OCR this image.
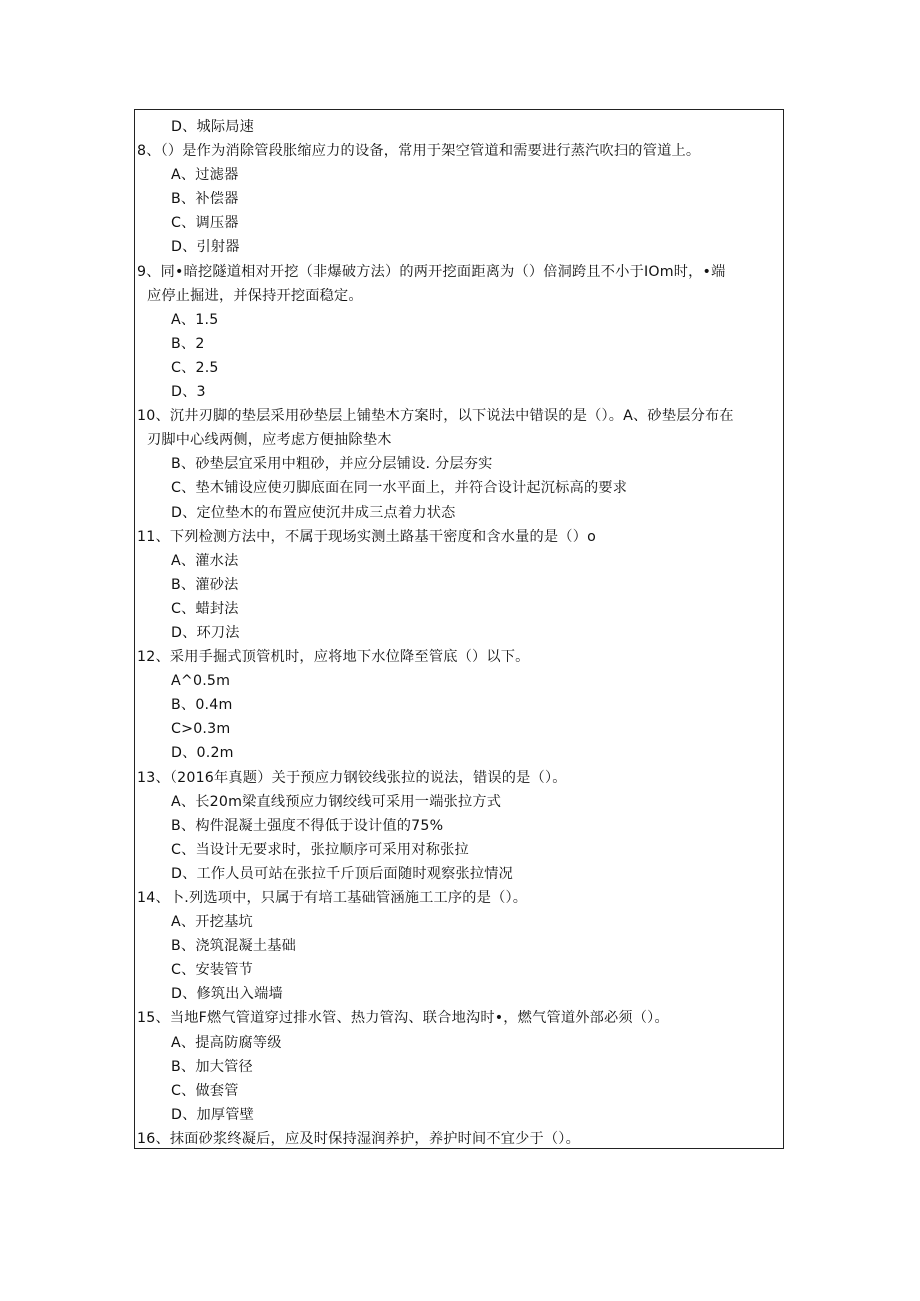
D、城际局速
8、（）是作为消除管段胀缩应力的设备，常用于架空管道和需要进行蒸汽吹扫的管道上。
A、过滤器
B、补偿器
C、调压器
D、引射器
9、同•暗挖隧道相对开挖（非爆破方法）的两开挖面距离为（）倍洞跨且不小于IOm时，•端
应停止掘进，并保持开挖面稳定。
A、1.5
B、2
C、2.5
D、3
10、沉井刃脚的垫层采用砂垫层上铺垫木方案时，以下说法中错误的是（）。A、砂垫层分布在
刃脚中心线两侧，应考虑方便抽除垫木
B、砂垫层宜采用中粗砂，并应分层铺设. 分层夯实
C、垫木铺设应使刃脚底面在同一水平面上，并符合设计起沉标高的要求
D、定位垫木的布置应使沉井成三点着力状态
11、下列检测方法中，不属于现场实测土路基干密度和含水量的是（）o
A、灌水法
B、灌砂法
C、蜡封法
D、环刀法
12、采用手掘式顶管机时，应将地下水位降至管底（）以下。
A^0.5m
B、0.4m
C>0.3m
D、0.2m
13、（2016年真题）关于预应力钢铰线张拉的说法，错误的是（）。
A、长20m梁直线预应力钢绞线可采用一端张拉方式
B、构件混凝土强度不得低于设计值的75%
C、当设计无要求时，张拉顺序可采用对称张拉
D、工作人员可站在张拉千斤顶后面随时观察张拉情况
14、卜.列选项中，只属于有培工基础管涵施工工序的是（）。
A、开挖基坑
B、浇筑混凝土基础
C、安装管节
D、修筑出入端墙
15、当地F燃气管道穿过排水管、热力管沟、联合地沟时•，燃气管道外部必须（）。
A、提高防腐等级
B、加大管径
C、做套管
D、加厚管壁
16、抹面砂浆终凝后，应及时保持湿润养护，养护时间不宜少于（）。
